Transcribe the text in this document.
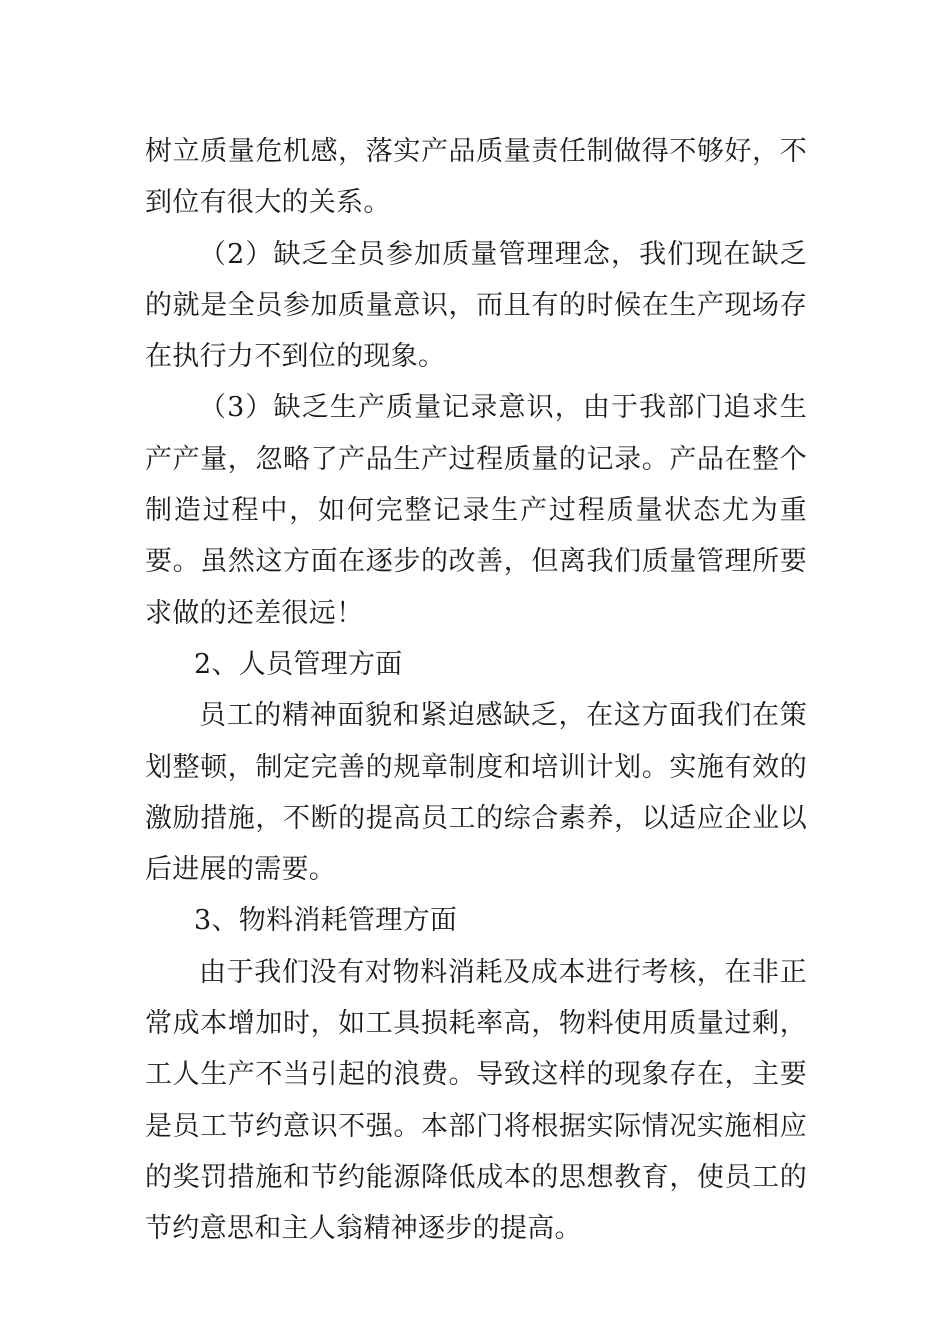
树立质量危机感，落实产品质量责任制做得不够好，不到位有很大的关系。

（2）缺乏全员参加质量管理理念，我们现在缺乏的就是全员参加质量意识，而且有的时候在生产现场存在执行力不到位的现象。

（3）缺乏生产质量记录意识，由于我部门追求生产产量，忽略了产品生产过程质量的记录。产品在整个制造过程中，如何完整记录生产过程质量状态尤为重要。虽然这方面在逐步的改善，但离我们质量管理所要求做的还差很远！

2、人员管理方面

员工的精神面貌和紧迫感缺乏，在这方面我们在策划整顿，制定完善的规章制度和培训计划。实施有效的激励措施，不断的提高员工的综合素养，以适应企业以后进展的需要。

3、物料消耗管理方面

由于我们没有对物料消耗及成本进行考核，在非正常成本增加时，如工具损耗率高，物料使用质量过剩，工人生产不当引起的浪费。导致这样的现象存在，主要是员工节约意识不强。本部门将根据实际情况实施相应的奖罚措施和节约能源降低成本的思想教育，使员工的节约意思和主人翁精神逐步的提高。
